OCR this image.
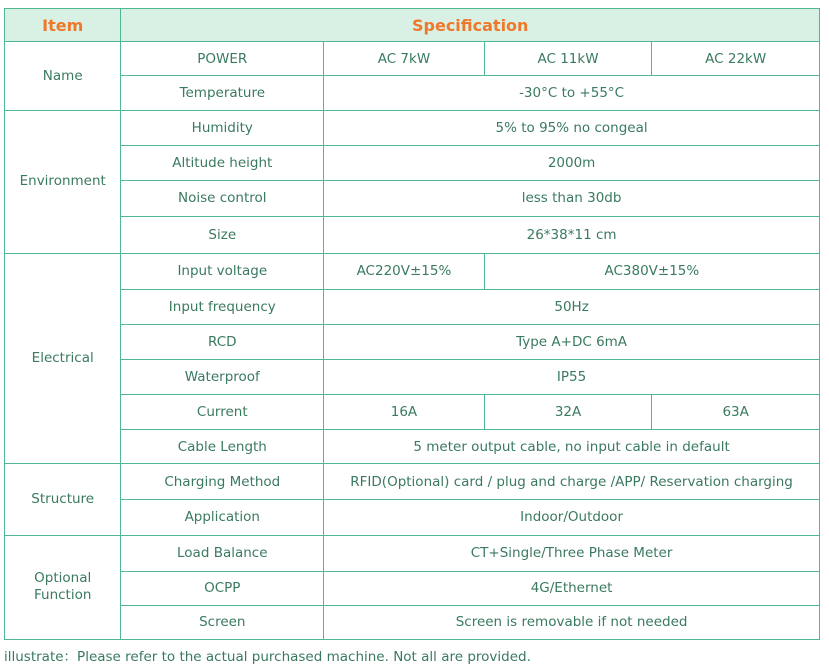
Item	Specification			
Name	POWER	AC 7kW	AC 11kW	AC 22kW
	Temperature	-30°C to +55°C		
Environment	Humidity	5% to 95% no congeal		
	Altitude height	2000m		
	Noise control	less than 30db		
	Size	26*38*11 cm		
Electrical	Input voltage	AC220V±15%	AC380V±15%	
	Input frequency	50Hz		
	RCD	Type A+DC 6mA		
	Waterproof	IP55		
	Current	16A	32A	63A
	Cable Length	5 meter output cable, no input cable in default		
Structure	Charging Method	RFID(Optional) card / plug and charge /APP/ Reservation charging		
	Application	Indoor/Outdoor		
Optional Function	Load Balance	CT+Single/Three Phase Meter		
	OCPP	4G/Ethernet		
	Screen	Screen is removable if not needed		
illustrate：Please refer to the actual purchased machine. Not all are provided.
